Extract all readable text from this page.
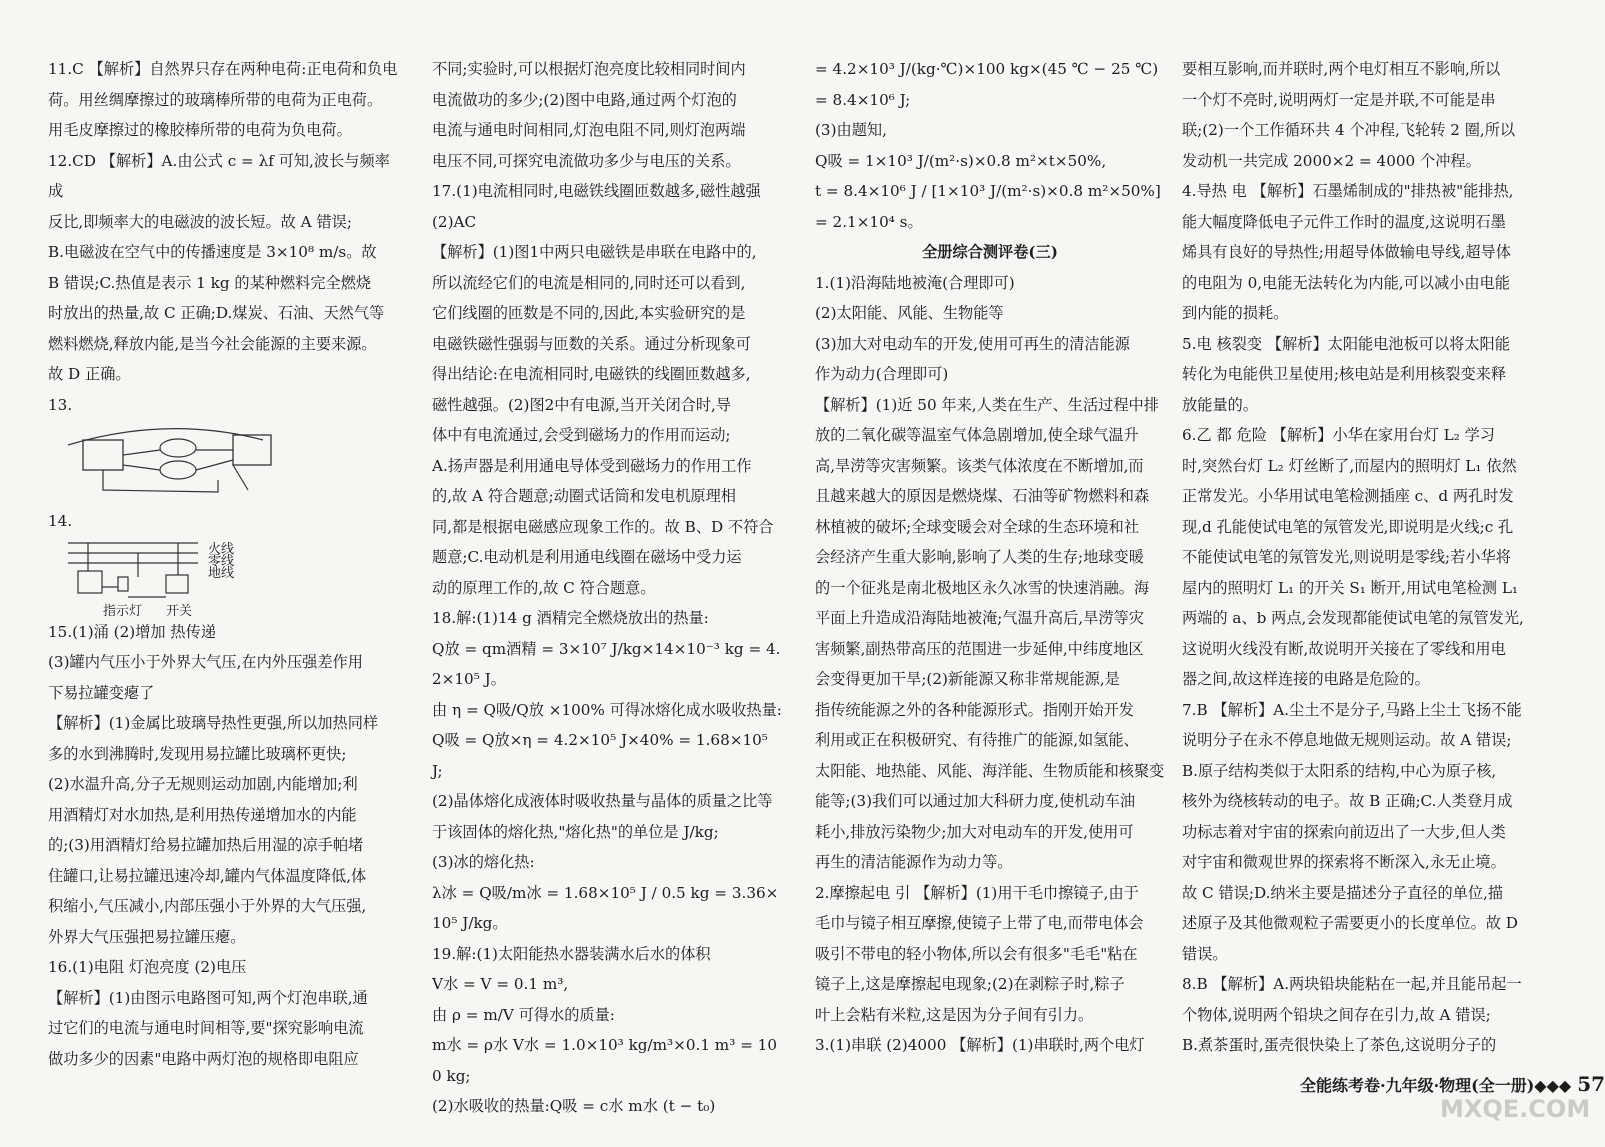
11.C 【解析】自然界只存在两种电荷:正电荷和负电

荷。用丝绸摩擦过的玻璃棒所带的电荷为正电荷。

用毛皮摩擦过的橡胶棒所带的电荷为负电荷。

12.CD 【解析】A.由公式 c = λf 可知,波长与频率成

反比,即频率大的电磁波的波长短。故 A 错误;

B.电磁波在空气中的传播速度是 3×10⁸ m/s。故

B 错误;C.热值是表示 1 kg 的某种燃料完全燃烧

时放出的热量,故 C 正确;D.煤炭、石油、天然气等

燃料燃烧,释放内能,是当今社会能源的主要来源。

故 D 正确。

13.

14.

火线
零线
地线
指示灯 开关

15.(1)涌 (2)增加 热传递

(3)罐内气压小于外界大气压,在内外压强差作用

下易拉罐变瘪了

【解析】(1)金属比玻璃导热性更强,所以加热同样

多的水到沸腾时,发现用易拉罐比玻璃杯更快;

(2)水温升高,分子无规则运动加剧,内能增加;利

用酒精灯对水加热,是利用热传递增加水的内能

的;(3)用酒精灯给易拉罐加热后用湿的凉手帕堵

住罐口,让易拉罐迅速冷却,罐内气体温度降低,体

积缩小,气压减小,内部压强小于外界的大气压强,

外界大气压强把易拉罐压瘪。

16.(1)电阻 灯泡亮度 (2)电压

【解析】(1)由图示电路图可知,两个灯泡串联,通

过它们的电流与通电时间相等,要"探究影响电流

做功多少的因素"电路中两灯泡的规格即电阻应

不同;实验时,可以根据灯泡亮度比较相同时间内

电流做功的多少;(2)图中电路,通过两个灯泡的

电流与通电时间相同,灯泡电阻不同,则灯泡两端

电压不同,可探究电流做功多少与电压的关系。

17.(1)电流相同时,电磁铁线圈匝数越多,磁性越强

(2)AC

【解析】(1)图1中两只电磁铁是串联在电路中的,

所以流经它们的电流是相同的,同时还可以看到,

它们线圈的匝数是不同的,因此,本实验研究的是

电磁铁磁性强弱与匝数的关系。通过分析现象可

得出结论:在电流相同时,电磁铁的线圈匝数越多,

磁性越强。(2)图2中有电源,当开关闭合时,导

体中有电流通过,会受到磁场力的作用而运动;

A.扬声器是利用通电导体受到磁场力的作用工作

的,故 A 符合题意;动圈式话筒和发电机原理相

同,都是根据电磁感应现象工作的。故 B、D 不符合

题意;C.电动机是利用通电线圈在磁场中受力运

动的原理工作的,故 C 符合题意。

18.解:(1)14 g 酒精完全燃烧放出的热量:

Q放 = qm酒精 = 3×10⁷ J/kg×14×10⁻³ kg = 4.2×10⁵ J。

由 η = Q吸/Q放 ×100% 可得冰熔化成水吸收热量:

Q吸 = Q放×η = 4.2×10⁵ J×40% = 1.68×10⁵ J;

(2)晶体熔化成液体时吸收热量与晶体的质量之比等

于该固体的熔化热,"熔化热"的单位是 J/kg;

(3)冰的熔化热:

λ冰 = Q吸/m冰 = 1.68×10⁵ J / 0.5 kg = 3.36×10⁵ J/kg。

19.解:(1)太阳能热水器装满水后水的体积

V水 = V = 0.1 m³,

由 ρ = m/V 可得水的质量:

m水 = ρ水 V水 = 1.0×10³ kg/m³×0.1 m³ = 100 kg;

(2)水吸收的热量:Q吸 = c水 m水 (t − t₀)

= 4.2×10³ J/(kg·℃)×100 kg×(45 ℃ − 25 ℃)

= 8.4×10⁶ J;

(3)由题知,

Q吸 = 1×10³ J/(m²·s)×0.8 m²×t×50%,

t = 8.4×10⁶ J / [1×10³ J/(m²·s)×0.8 m²×50%] = 2.1×10⁴ s。

全册综合测评卷(三)

1.(1)沿海陆地被淹(合理即可)

(2)太阳能、风能、生物能等

(3)加大对电动车的开发,使用可再生的清洁能源

作为动力(合理即可)

【解析】(1)近 50 年来,人类在生产、生活过程中排

放的二氧化碳等温室气体急剧增加,使全球气温升

高,旱涝等灾害频繁。该类气体浓度在不断增加,而

且越来越大的原因是燃烧煤、石油等矿物燃料和森

林植被的破坏;全球变暖会对全球的生态环境和社

会经济产生重大影响,影响了人类的生存;地球变暖

的一个征兆是南北极地区永久冰雪的快速消融。海

平面上升造成沿海陆地被淹;气温升高后,旱涝等灾

害频繁,副热带高压的范围进一步延伸,中纬度地区

会变得更加干旱;(2)新能源又称非常规能源,是

指传统能源之外的各种能源形式。指刚开始开发

利用或正在积极研究、有待推广的能源,如氢能、

太阳能、地热能、风能、海洋能、生物质能和核聚变

能等;(3)我们可以通过加大科研力度,使机动车油

耗小,排放污染物少;加大对电动车的开发,使用可

再生的清洁能源作为动力等。

2.摩擦起电 引 【解析】(1)用干毛巾擦镜子,由于

毛巾与镜子相互摩擦,使镜子上带了电,而带电体会

吸引不带电的轻小物体,所以会有很多"毛毛"粘在

镜子上,这是摩擦起电现象;(2)在剥粽子时,粽子

叶上会粘有米粒,这是因为分子间有引力。

3.(1)串联 (2)4000 【解析】(1)串联时,两个电灯

要相互影响,而并联时,两个电灯相互不影响,所以

一个灯不亮时,说明两灯一定是并联,不可能是串

联;(2)一个工作循环共 4 个冲程,飞轮转 2 圈,所以

发动机一共完成 2000×2 = 4000 个冲程。

4.导热 电 【解析】石墨烯制成的"排热被"能排热,

能大幅度降低电子元件工作时的温度,这说明石墨

烯具有良好的导热性;用超导体做输电导线,超导体

的电阻为 0,电能无法转化为内能,可以减小由电能

到内能的损耗。

5.电 核裂变 【解析】太阳能电池板可以将太阳能

转化为电能供卫星使用;核电站是利用核裂变来释

放能量的。

6.乙 都 危险 【解析】小华在家用台灯 L₂ 学习

时,突然台灯 L₂ 灯丝断了,而屋内的照明灯 L₁ 依然

正常发光。小华用试电笔检测插座 c、d 两孔时发

现,d 孔能使试电笔的氖管发光,即说明是火线;c 孔

不能使试电笔的氖管发光,则说明是零线;若小华将

屋内的照明灯 L₁ 的开关 S₁ 断开,用试电笔检测 L₁

两端的 a、b 两点,会发现都能使试电笔的氖管发光,

这说明火线没有断,故说明开关接在了零线和用电

器之间,故这样连接的电路是危险的。

7.B 【解析】A.尘土不是分子,马路上尘土飞扬不能

说明分子在永不停息地做无规则运动。故 A 错误;

B.原子结构类似于太阳系的结构,中心为原子核,

核外为绕核转动的电子。故 B 正确;C.人类登月成

功标志着对宇宙的探索向前迈出了一大步,但人类

对宇宙和微观世界的探索将不断深入,永无止境。

故 C 错误;D.纳米主要是描述分子直径的单位,描

述原子及其他微观粒子需要更小的长度单位。故 D

错误。

8.B 【解析】A.两块铅块能粘在一起,并且能吊起一

个物体,说明两个铅块之间存在引力,故 A 错误;

B.煮茶蛋时,蛋壳很快染上了茶色,这说明分子的

全能练考卷·九年级·物理(全一册)◆◆◆ 57
MXQE.COM
